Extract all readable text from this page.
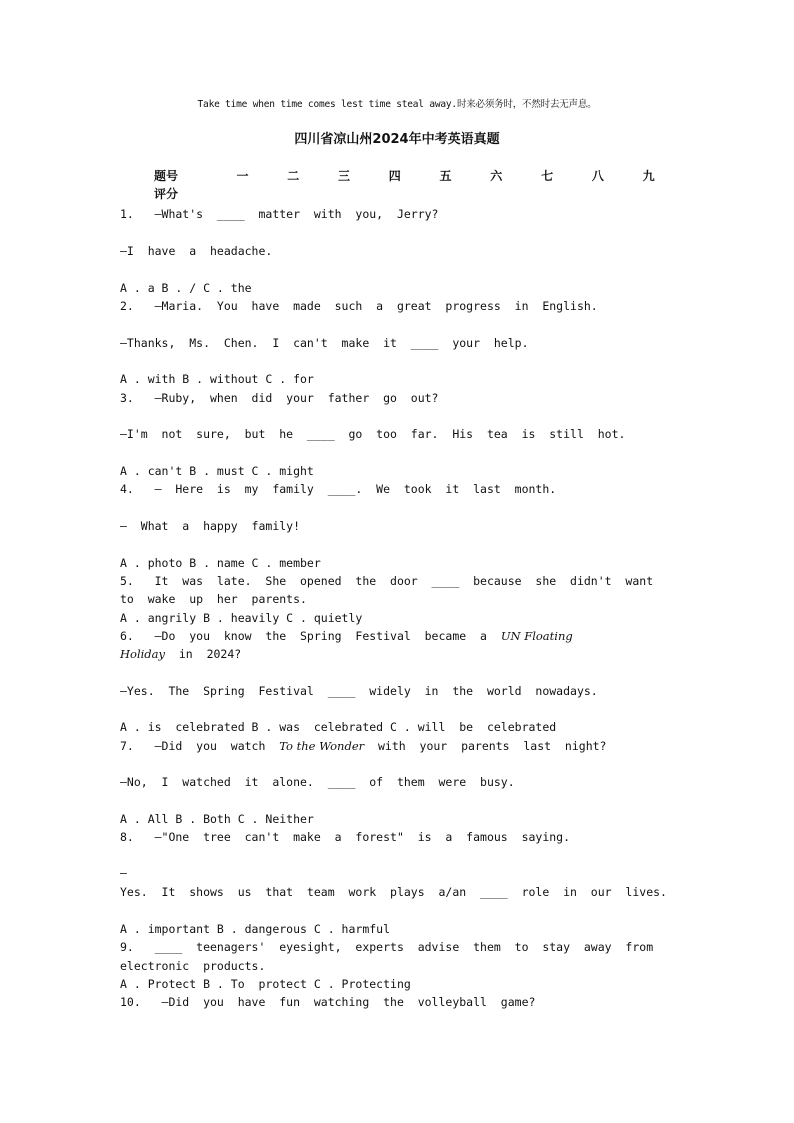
Take time when time comes lest time steal away.时来必须务时，不然时去无声息。
四川省凉山州2024年中考英语真题
题号	一	二	三	四	五	六	七	八	九
评分
1.   —What's  ____  matter  with  you,  Jerry?
—I  have  a  headache.
A . a B . / C . the
2.   —Maria.  You  have  made  such  a  great  progress  in  English.
—Thanks,  Ms.  Chen.  I  can't  make  it  ____  your  help.
A . with B . without C . for
3.   —Ruby,  when  did  your  father  go  out?
—I'm  not  sure,  but  he  ____  go  too  far.  His  tea  is  still  hot.
A . can't B . must C . might
4.   —  Here  is  my  family  ____.  We  took  it  last  month.
—  What  a  happy  family!
A . photo B . name C . member
5.   It  was  late.  She  opened  the  door  ____  because  she  didn't  want
to  wake  up  her  parents.
A . angrily B . heavily C . quietly
6.   —Do  you  know  the  Spring  Festival  became  a  UN Floating
Holiday  in  2024?
—Yes.  The  Spring  Festival  ____  widely  in  the  world  nowadays.
A . is  celebrated B . was  celebrated C . will  be  celebrated
7.   —Did  you  watch  To the Wonder  with  your  parents  last  night?
—No,  I  watched  it  alone.  ____  of  them  were  busy.
A . All B . Both C . Neither
8.   —"One  tree  can't  make  a  forest"  is  a  famous  saying.
—
Yes.  It  shows  us  that  team  work  plays  a/an  ____  role  in  our  lives.
A . important B . dangerous C . harmful
9.   ____  teenagers'  eyesight,  experts  advise  them  to  stay  away  from
electronic  products.
A . Protect B . To  protect C . Protecting
10.   —Did  you  have  fun  watching  the  volleyball  game?
